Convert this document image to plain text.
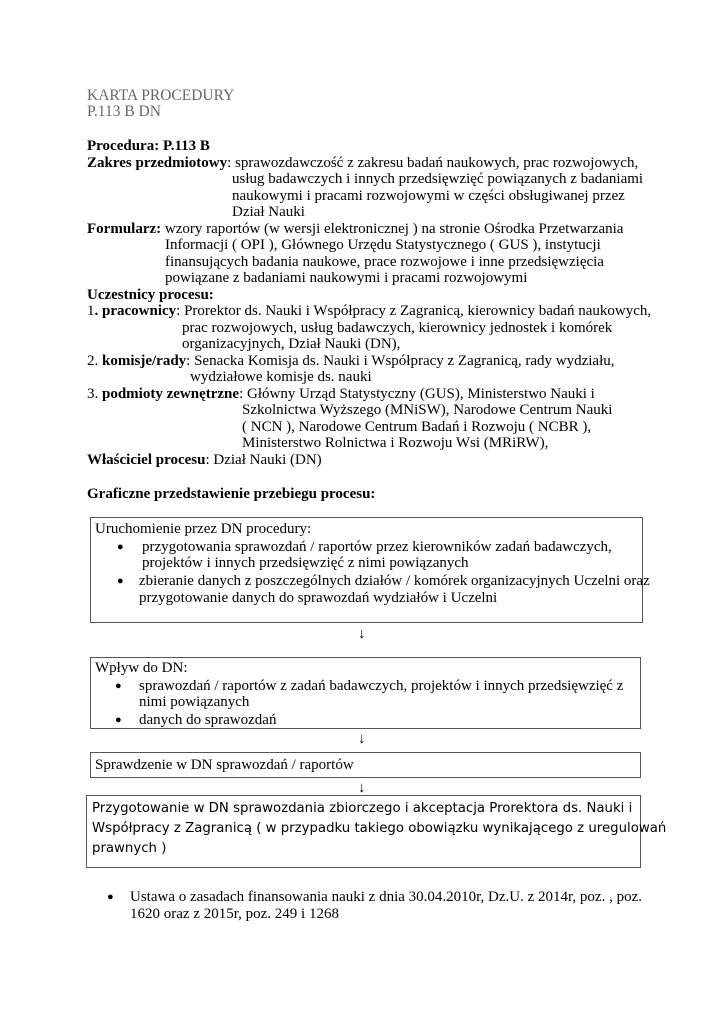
KARTA PROCEDURY
P.113 B DN
Procedura: P.113 B
Zakres przedmiotowy: sprawozdawczość z zakresu badań naukowych, prac rozwojowych,
usług badawczych i innych przedsięwzięć powiązanych z badaniami
naukowymi i pracami rozwojowymi w części obsługiwanej przez
Dział Nauki
Formularz: wzory raportów (w wersji elektronicznej ) na stronie Ośrodka Przetwarzania
Informacji ( OPI ), Głównego Urzędu Statystycznego ( GUS ), instytucji
finansujących badania naukowe, prace rozwojowe i inne przedsięwzięcia
powiązane z badaniami naukowymi i pracami rozwojowymi
Uczestnicy procesu:
1. pracownicy: Prorektor ds. Nauki i Współpracy z Zagranicą, kierownicy badań naukowych,
prac rozwojowych, usług badawczych, kierownicy jednostek i komórek
organizacyjnych, Dział Nauki (DN),
2. komisje/rady: Senacka Komisja ds. Nauki i Współpracy z Zagranicą, rady wydziału,
wydziałowe komisje ds. nauki
3. podmioty zewnętrzne: Główny Urząd Statystyczny (GUS), Ministerstwo Nauki i
Szkolnictwa Wyższego (MNiSW), Narodowe Centrum Nauki
( NCN ), Narodowe Centrum Badań i Rozwoju ( NCBR ),
Ministerstwo Rolnictwa i Rozwoju Wsi (MRiRW),
Właściciel procesu: Dział Nauki (DN)
Graficzne przedstawienie przebiegu procesu:
Uruchomienie przez DN procedury:
● przygotowania sprawozdań / raportów przez kierowników zadań badawczych,
projektów i innych przedsięwzięć z nimi powiązanych
● zbieranie danych z poszczególnych działów / komórek organizacyjnych Uczelni oraz
przygotowanie danych do sprawozdań wydziałów i Uczelni
↓
Wpływ do DN:
● sprawozdań / raportów z zadań badawczych, projektów i innych przedsięwzięć z
nimi powiązanych
● danych do sprawozdań
↓
Sprawdzenie w DN sprawozdań / raportów
↓
Przygotowanie w DN sprawozdania zbiorczego i akceptacja Prorektora ds. Nauki i
Współpracy z Zagranicą ( w przypadku takiego obowiązku wynikającego z uregulowań
prawnych )
● Ustawa o zasadach finansowania nauki z dnia 30.04.2010r, Dz.U. z 2014r, poz. , poz.
1620 oraz z 2015r, poz. 249 i 1268
